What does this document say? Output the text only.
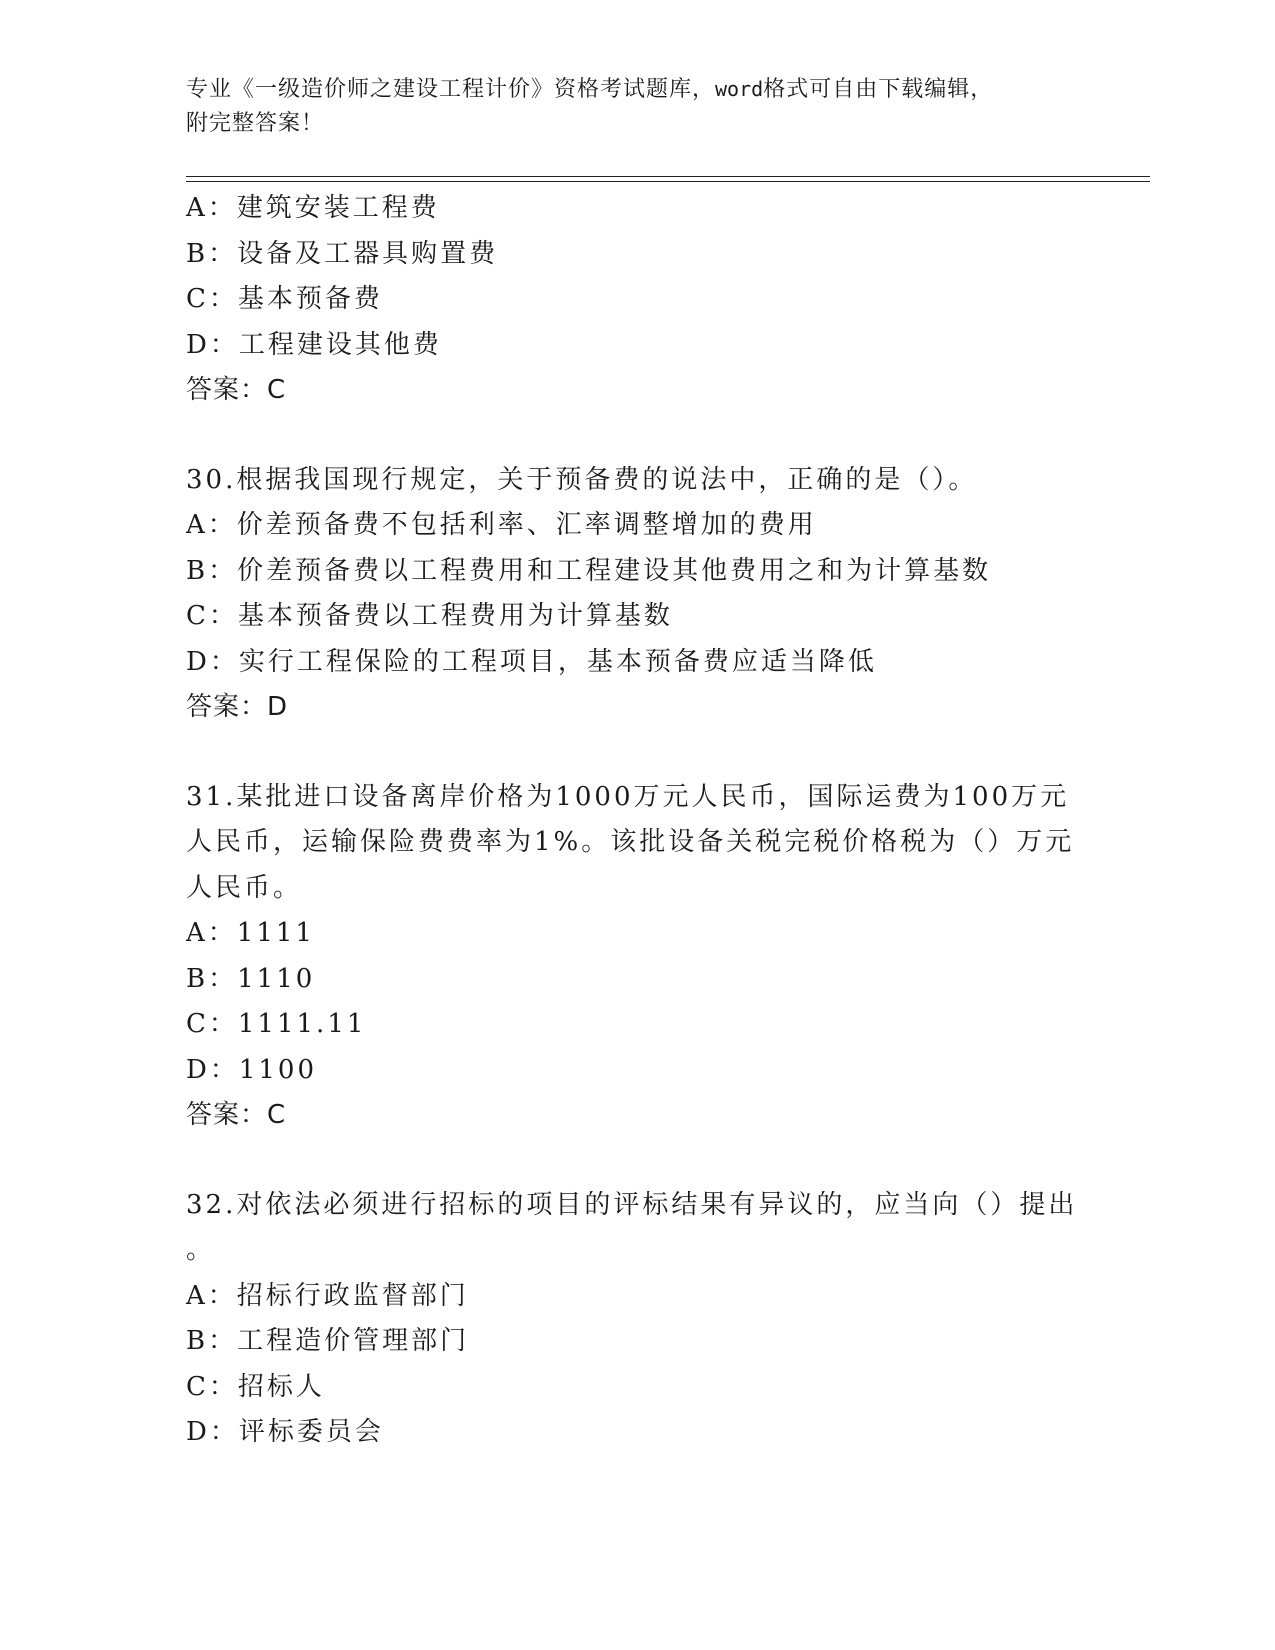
专业《一级造价师之建设工程计价》资格考试题库，word格式可自由下载编辑，
附完整答案！
A：建筑安装工程费
B：设备及工器具购置费
C：基本预备费
D：工程建设其他费
答案：C
30.根据我国现行规定，关于预备费的说法中，正确的是（）。
A：价差预备费不包括利率、汇率调整增加的费用
B：价差预备费以工程费用和工程建设其他费用之和为计算基数
C：基本预备费以工程费用为计算基数
D：实行工程保险的工程项目，基本预备费应适当降低
答案：D
31.某批进口设备离岸价格为1000万元人民币，国际运费为100万元
人民币，运输保险费费率为1%。该批设备关税完税价格税为（）万元
人民币。
A：1111
B：1110
C：1111.11
D：1100
答案：C
32.对依法必须进行招标的项目的评标结果有异议的，应当向（）提出
。
A：招标行政监督部门
B：工程造价管理部门
C：招标人
D：评标委员会
